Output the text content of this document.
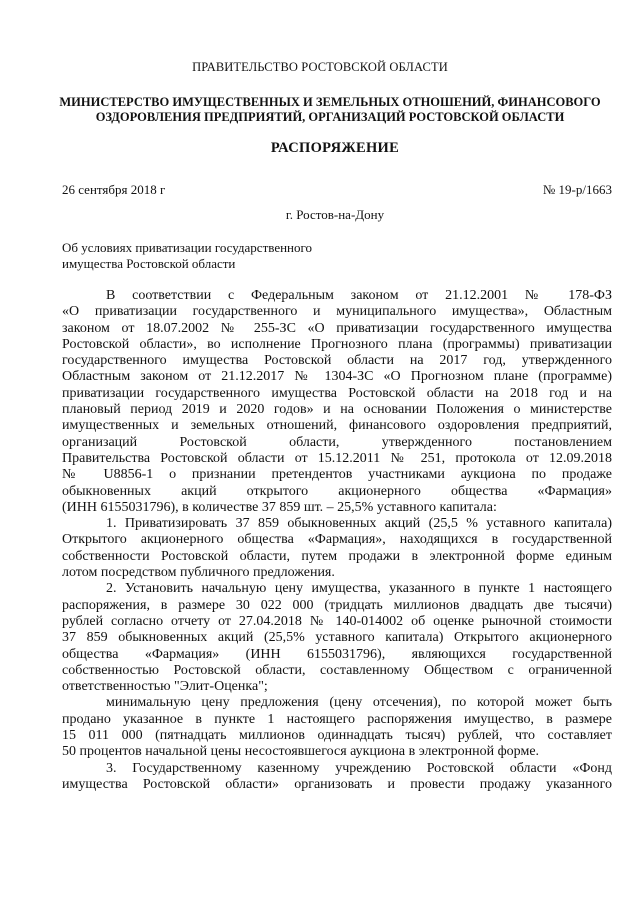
ПРАВИТЕЛЬСТВО РОСТОВСКОЙ ОБЛАСТИ
МИНИСТЕРСТВО ИМУЩЕСТВЕННЫХ И ЗЕМЕЛЬНЫХ ОТНОШЕНИЙ, ФИНАНСОВОГО
ОЗДОРОВЛЕНИЯ ПРЕДПРИЯТИЙ, ОРГАНИЗАЦИЙ РОСТОВСКОЙ ОБЛАСТИ
РАСПОРЯЖЕНИЕ
26 сентября 2018 г	№ 19-р/1663
г. Ростов-на-Дону
Об условиях приватизации государственного
имущества Ростовской области

В соответствии с Федеральным законом от 21.12.2001 № 178-ФЗ
«О приватизации государственного и муниципального имущества», Областным
законом от 18.07.2002 № 255-ЗС «О приватизации государственного имущества
Ростовской области», во исполнение Прогнозного плана (программы) приватизации
государственного имущества Ростовской области на 2017 год, утвержденного
Областным законом от 21.12.2017 № 1304-ЗС «О Прогнозном плане (программе)
приватизации государственного имущества Ростовской области на 2018 год и на
плановый период 2019 и 2020 годов» и на основании Положения о министерстве
имущественных и земельных отношений, финансового оздоровления предприятий,
организаций Ростовской области, утвержденного постановлением
Правительства Ростовской области от 15.12.2011 № 251, протокола от 12.09.2018
№ U8856-1 о признании претендентов участниками аукциона по продаже
обыкновенных акций открытого акционерного общества «Фармация»
(ИНН 6155031796), в количестве 37 859 шт. – 25,5% уставного капитала:

1. Приватизировать 37 859 обыкновенных акций (25,5 % уставного капитала)
Открытого акционерного общества «Фармация», находящихся в государственной
собственности Ростовской области, путем продажи в электронной форме единым
лотом посредством публичного предложения.

2. Установить начальную цену имущества, указанного в пункте 1 настоящего
распоряжения, в размере 30 022 000 (тридцать миллионов двадцать две тысячи)
рублей согласно отчету от 27.04.2018 № 140-014002 об оценке рыночной стоимости
37 859 обыкновенных акций (25,5% уставного капитала) Открытого акционерного
общества «Фармация» (ИНН 6155031796), являющихся государственной
собственностью Ростовской области, составленному Обществом с ограниченной
ответственностью "Элит-Оценка";

минимальную цену предложения (цену отсечения), по которой может быть
продано указанное в пункте 1 настоящего распоряжения имущество, в размере
15 011 000 (пятнадцать миллионов одиннадцать тысяч) рублей, что составляет
50 процентов начальной цены несостоявшегося аукциона в электронной форме.

3. Государственному казенному учреждению Ростовской области «Фонд
имущества Ростовской области» организовать и провести продажу указанного
